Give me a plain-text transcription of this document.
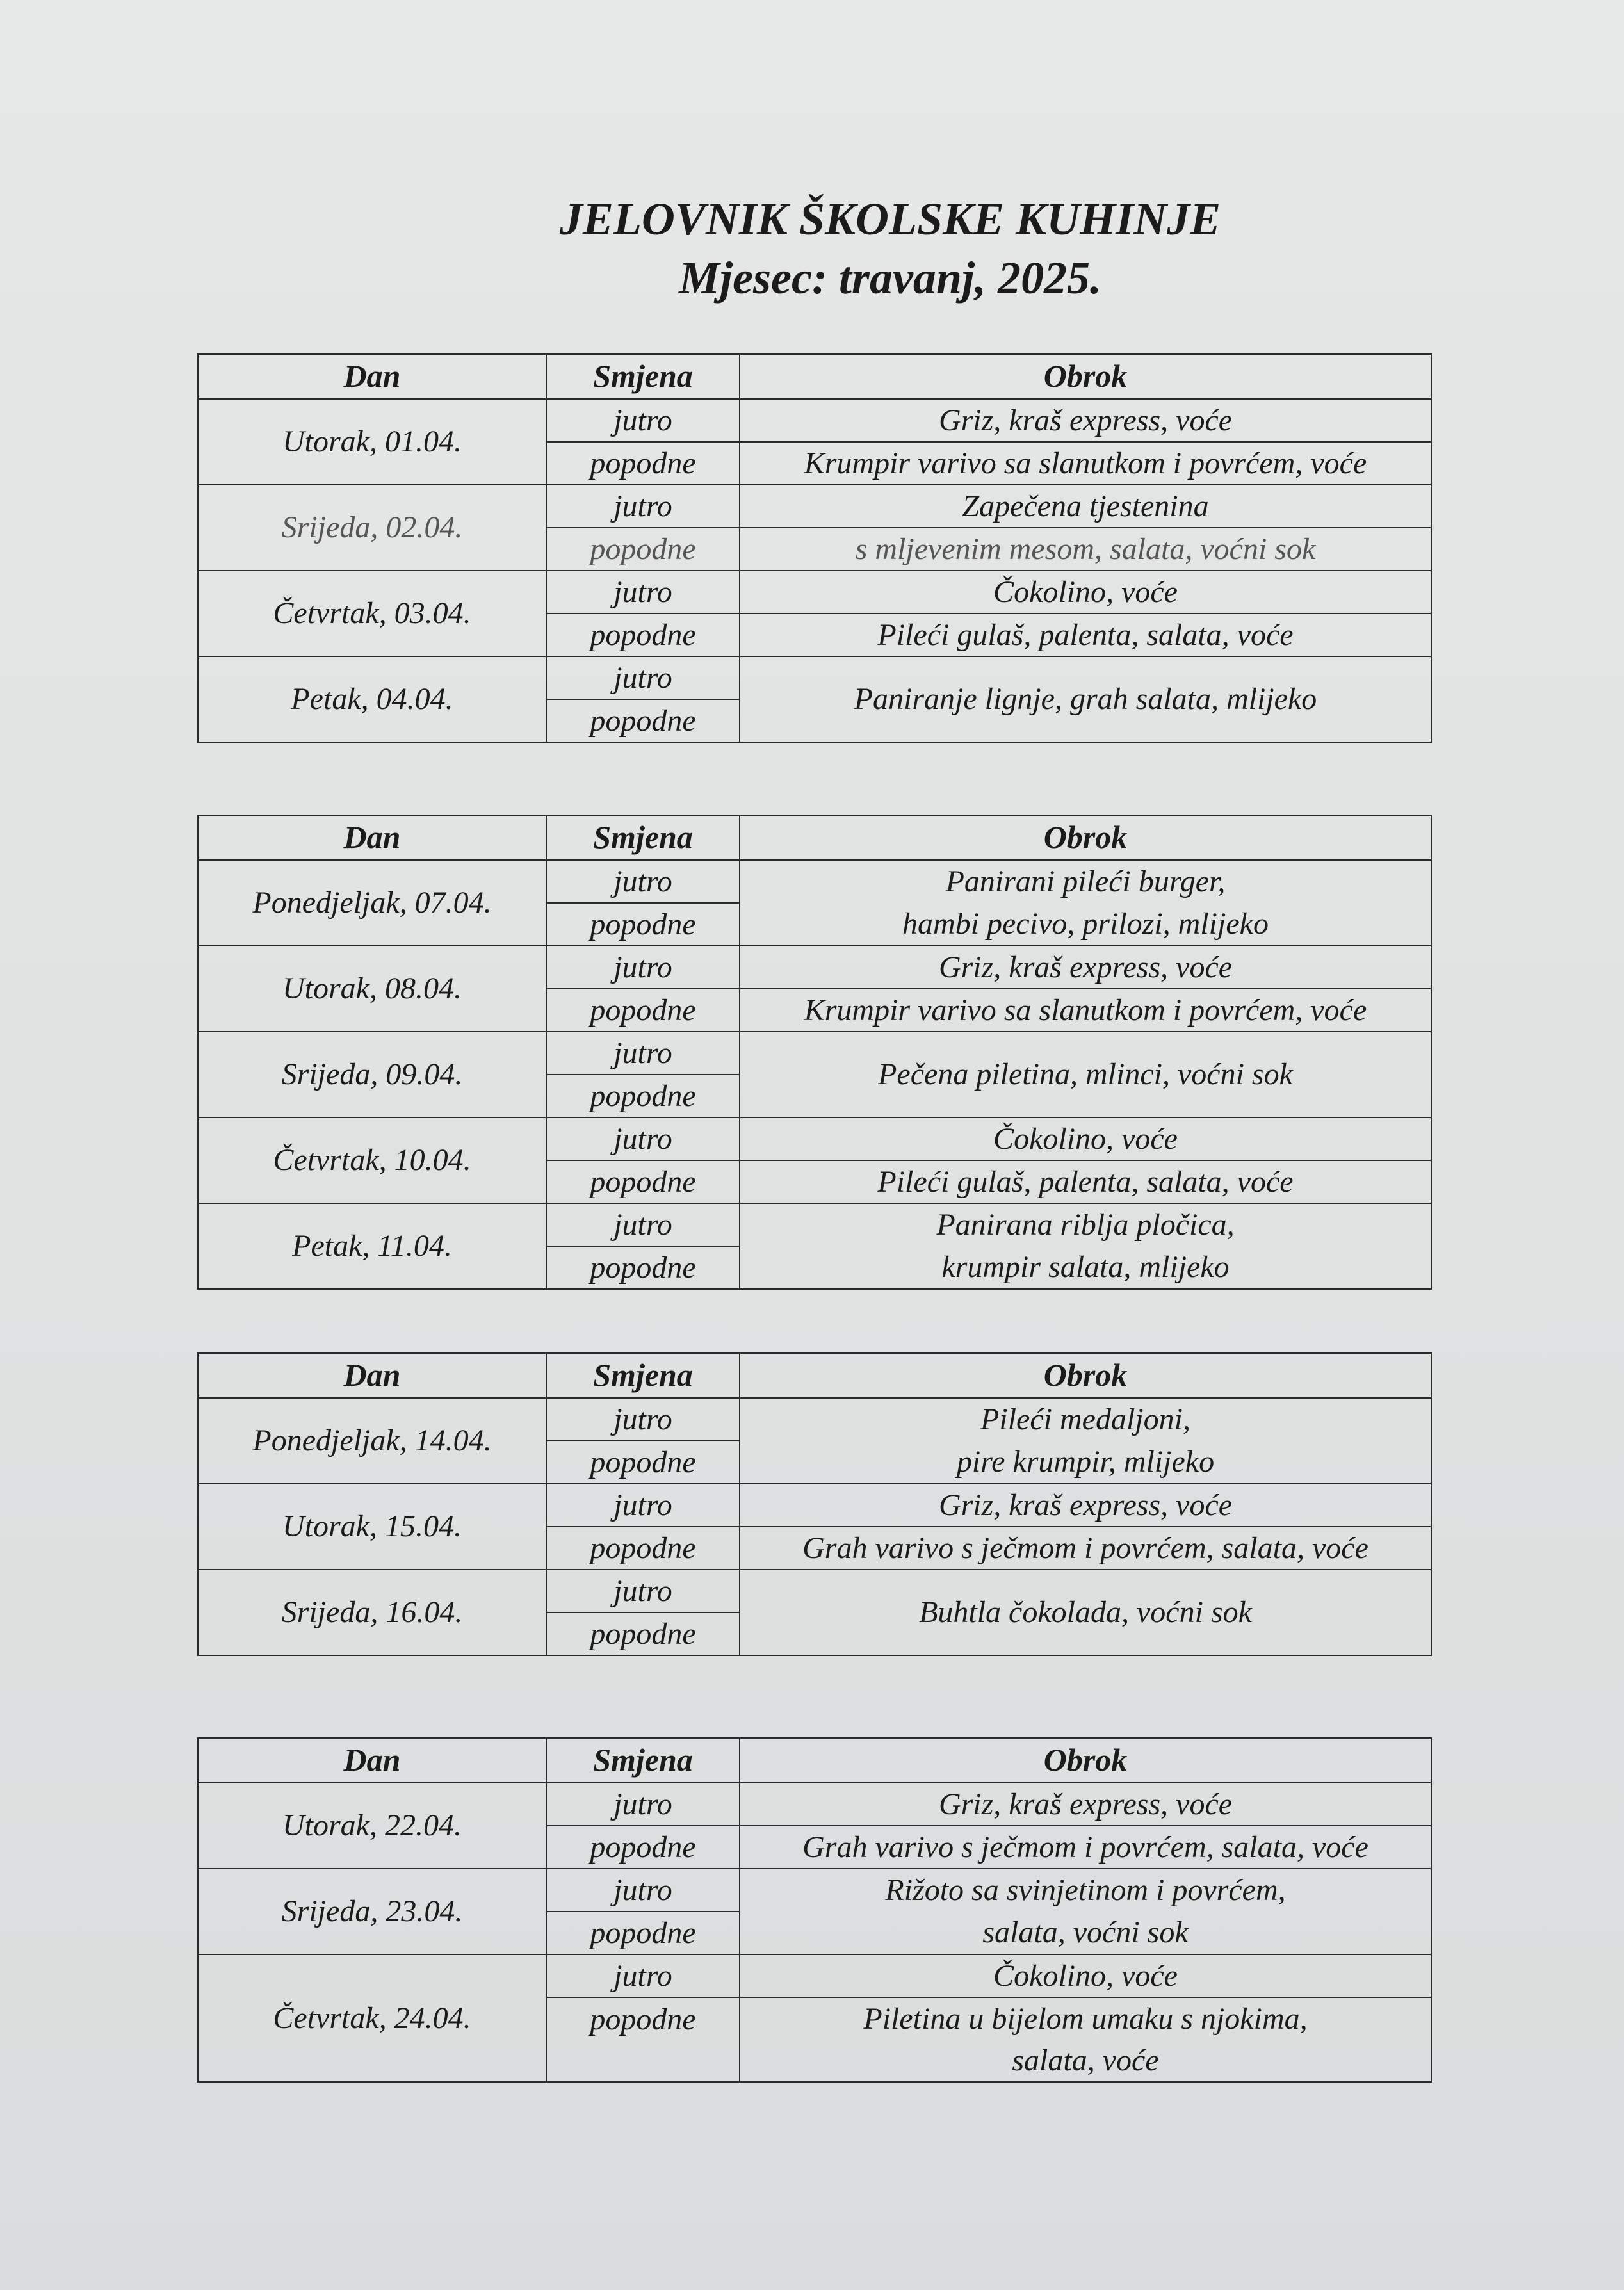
JELOVNIK ŠKOLSKE KUHINJE
Mjesec: travanj, 2025.
Dan	Smjena	Obrok
Utorak, 01.04.	jutro	Griz, kraš express, voće
	popodne	Krumpir varivo sa slanutkom i povrćem, voće
Srijeda, 02.04.	jutro	Zapečena tjestenina
	popodne	s mljevenim mesom, salata, voćni sok
Četvrtak, 03.04.	jutro	Čokolino, voće
	popodne	Pileći gulaš, palenta, salata, voće
Petak, 04.04.	jutro	Paniranje lignje, grah salata, mlijeko
	popodne	
Dan	Smjena	Obrok
Ponedjeljak, 07.04.	jutro	Panirani pileći burger,
	popodne	hambi pecivo, prilozi, mlijeko
Utorak, 08.04.	jutro	Griz, kraš express, voće
	popodne	Krumpir varivo sa slanutkom i povrćem, voće
Srijeda, 09.04.	jutro	Pečena piletina, mlinci, voćni sok
	popodne	
Četvrtak, 10.04.	jutro	Čokolino, voće
	popodne	Pileći gulaš, palenta, salata, voće
Petak, 11.04.	jutro	Panirana riblja pločica,
	popodne	krumpir salata, mlijeko
Dan	Smjena	Obrok
Ponedjeljak, 14.04.	jutro	Pileći medaljoni,
	popodne	pire krumpir, mlijeko
Utorak, 15.04.	jutro	Griz, kraš express, voće
	popodne	Grah varivo s ječmom i povrćem, salata, voće
Srijeda, 16.04.	jutro	Buhtla čokolada, voćni sok
	popodne	
Dan	Smjena	Obrok
Utorak, 22.04.	jutro	Griz, kraš express, voće
	popodne	Grah varivo s ječmom i povrćem, salata, voće
Srijeda, 23.04.	jutro	Rižoto sa svinjetinom i povrćem,
	popodne	salata, voćni sok
Četvrtak, 24.04.	jutro	Čokolino, voće
	popodne	Piletina u bijelom umaku s njokima,
		salata, voće
